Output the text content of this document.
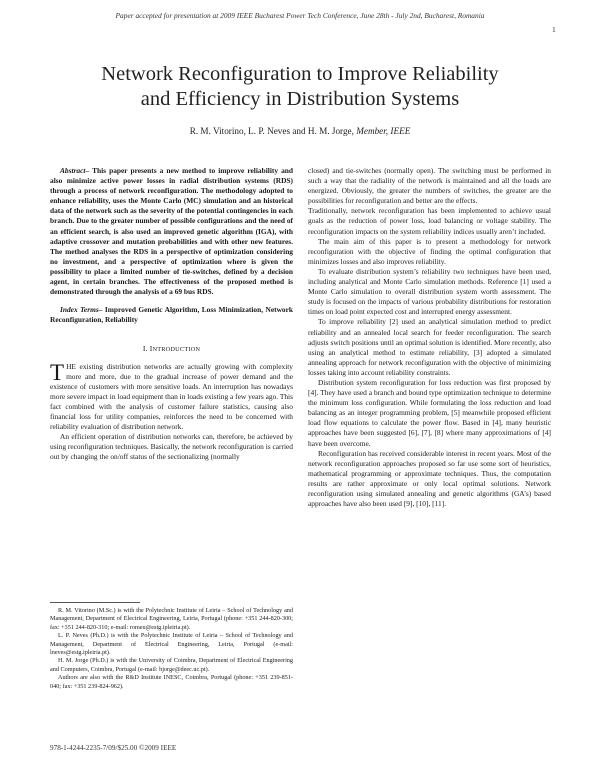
Paper accepted for presentation at 2009 IEEE Bucharest Power Tech Conference, June 28th - July 2nd, Bucharest, Romania
1
Network Reconfiguration to Improve Reliability
and Efficiency in Distribution Systems
R. M. Vitorino, L. P. Neves and H. M. Jorge, Member, IEEE

Abstract– This paper presents a new method to improve reliability and also minimize active power losses in radial distribution systems (RDS) through a process of network reconfiguration. The methodology adopted to enhance reliability, uses the Monte Carlo (MC) simulation and an historical data of the network such as the severity of the potential contingencies in each branch. Due to the greater number of possible configurations and the need of an efficient search, is also used an improved genetic algorithm (IGA), with adaptive crossover and mutation probabilities and with other new features. The method analyses the RDS in a perspective of optimization considering no investment, and a perspective of optimization where is given the possibility to place a limited number of tie-switches, defined by a decision agent, in certain branches. The effectiveness of the proposed method is demonstrated through the analysis of a 69 bus RDS.

Index Terms– Improved Genetic Algorithm, Loss Minimization, Network Reconfiguration, Reliability

I. INTRODUCTION

THE existing distribution networks are actually growing with complexity more and more, due to the gradual increase of power demand and the existence of customers with more sensitive loads. An interruption has nowadays more severe impact in load equipment than in loads existing a few years ago. This fact combined with the analysis of customer failure statistics, causing also financial loss for utility companies, reinforces the need to be concerned with reliability evaluation of distribution network.

An efficient operation of distribution networks can, therefore, be achieved by using reconfiguration techniques. Basically, the network reconfiguration is carried out by changing the on/off status of the sectionalizing (normally

closed) and tie-switches (normally open). The switching must be performed in such a way that the radiality of the network is maintained and all the loads are energized. Obviously, the greater the numbers of switches, the greater are the possibilities for reconfiguration and better are the effects.

Traditionally, network reconfiguration has been implemented to achieve usual goals as the reduction of power loss, load balancing or voltage stability. The reconfiguration impacts on the system reliability indices usually aren’t included.

The main aim of this paper is to present a methodology for network reconfiguration with the objective of finding the optimal configuration that minimizes losses and also improves reliability.

To evaluate distribution system’s reliability two techniques have been used, including analytical and Monte Carlo simulation methods. Reference [1] used a Monte Carlo simulation to overall distribution system worth assessment. The study is focused on the impacts of various probability distributions for restoration times on load point expected cost and interrupted energy assessment.

To improve reliability [2] used an analytical simulation method to predict reliability and an annealed local search for feeder reconfiguration. The search adjusts switch positions until an optimal solution is identified. More recently, also using an analytical method to estimate reliability, [3] adopted a simulated annealing approach for network reconfiguration with the objective of minimizing losses taking into account reliability constraints.

Distribution system reconfiguration for loss reduction was first proposed by [4]. They have used a branch and bound type optimization technique to determine the minimum loss configuration. While formulating the loss reduction and load balancing as an integer programming problem, [5] meanwhile proposed efficient load flow equations to calculate the power flow. Based in [4], many heuristic approaches have been suggested [6], [7], [8] where many approximations of [4] have been overcome.

Reconfiguration has received considerable interest in recent years. Most of the network reconfiguration approaches proposed so far use some sort of heuristics, mathematical programming or approximate techniques. Thus, the computation results are rather approximate or only local optimal solutions. Network reconfiguration using simulated annealing and genetic algorithms (GA’s) based approaches have also been used [9], [10], [11].

R. M. Vitorino (M.Sc.) is with the Polytechnic Institute of Leiria – School of Technology and Management, Department of Electrical Engineering, Leiria, Portugal (phone: +351 244-820-300; fax: +351 244-820-310; e-mail: romeu@estg.ipleiria.pt).

L. P. Neves (Ph.D.) is with the Polytechnic Institute of Leiria – School of Technology and Management, Department of Electrical Engineering, Leiria, Portugal (e-mail: lneves@estg.ipleiria.pt).

H. M. Jorge (Ph.D.) is with the University of Coimbra, Department of Electrical Engineering and Computers, Coimbra, Portugal (e-mail: hjorge@deec.uc.pt).

Authors are also with the R&D Institute INESC, Coimbra, Portugal (phone: +351 239-851-040; fax: +351 239-824-962).

978-1-4244-2235-7/09/$25.00 ©2009 IEEE
